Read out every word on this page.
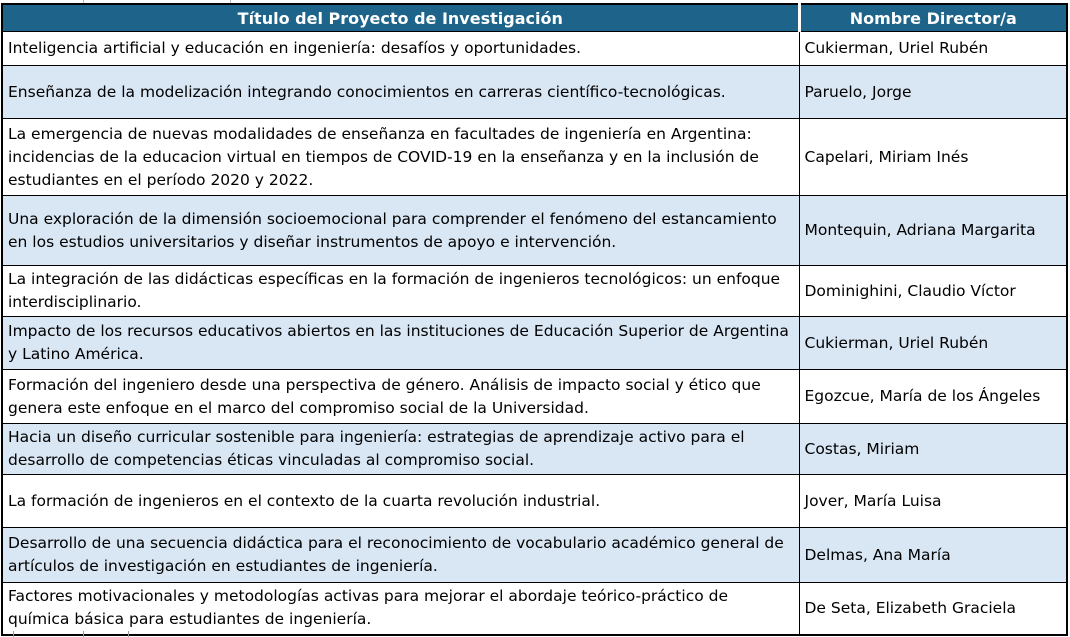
Título del Proyecto de Investigación	Nombre Director/a
Inteligencia artificial y educación en ingeniería: desafíos y oportunidades.	Cukierman, Uriel Rubén
Enseñanza de la modelización integrando conocimientos en carreras científico-tecnológicas.	Paruelo, Jorge
La emergencia de nuevas modalidades de enseñanza en facultades de ingeniería en Argentina: incidencias de la educacion virtual en tiempos de COVID-19 en la enseñanza y en la inclusión de estudiantes en el período 2020 y 2022.	Capelari, Miriam Inés
Una exploración de la dimensión socioemocional para comprender el fenómeno del estancamiento en los estudios universitarios y diseñar instrumentos de apoyo e intervención.	Montequin, Adriana Margarita
La integración de las didácticas específicas en la formación de ingenieros tecnológicos: un enfoque interdisciplinario.	Dominighini, Claudio Víctor
Impacto de los recursos educativos abiertos en las instituciones de Educación Superior de Argentina y Latino América.	Cukierman, Uriel Rubén
Formación del ingeniero desde una perspectiva de género. Análisis de impacto social y ético que genera este enfoque en el marco del compromiso social de la Universidad.	Egozcue, María de los Ángeles
Hacia un diseño curricular sostenible para ingeniería: estrategias de aprendizaje activo para el desarrollo de competencias éticas vinculadas al compromiso social.	Costas, Miriam
La formación de ingenieros en el contexto de la cuarta revolución industrial.	Jover, María Luisa
Desarrollo de una secuencia didáctica para el reconocimiento de vocabulario académico general de artículos de investigación en estudiantes de ingeniería.	Delmas, Ana María
Factores motivacionales y metodologías activas para mejorar el abordaje teórico-práctico de química básica para estudiantes de ingeniería.	De Seta, Elizabeth Graciela
